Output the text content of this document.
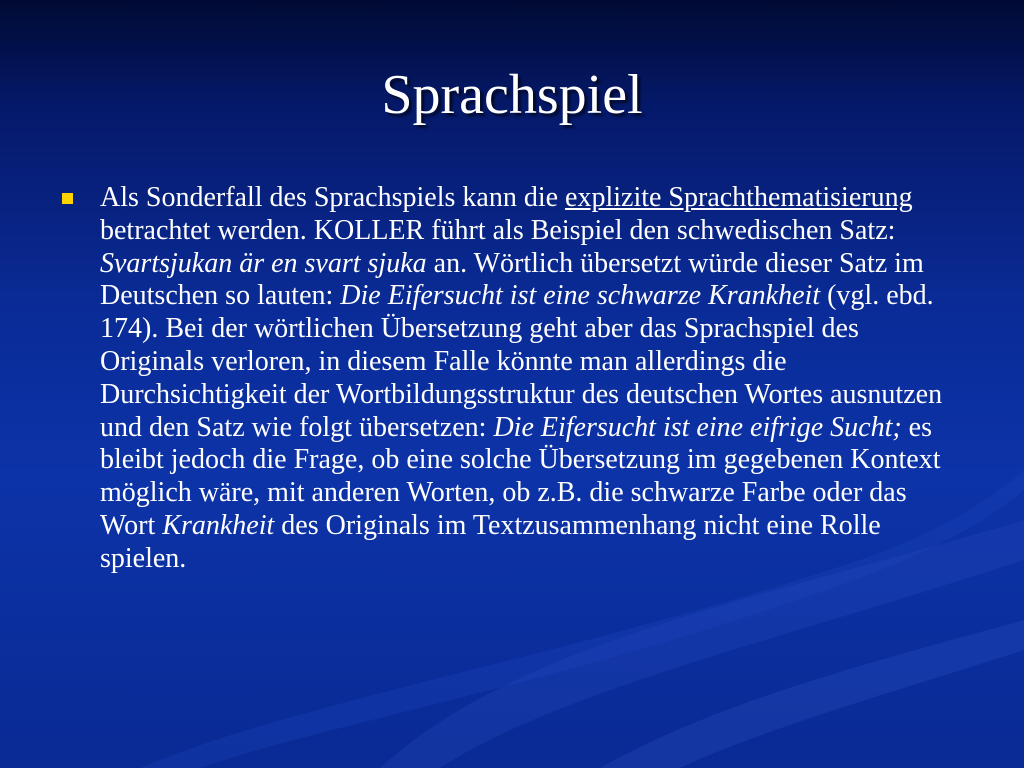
Sprachspiel
Als Sonderfall des Sprachspiels kann die explizite Sprachthematisierung betrachtet werden. KOLLER führt als Beispiel den schwedischen Satz: Svartsjukan är en svart sjuka an. Wörtlich übersetzt würde dieser Satz im Deutschen so lauten: Die Eifersucht ist eine schwarze Krankheit (vgl. ebd. 174). Bei der wörtlichen Übersetzung geht aber das Sprachspiel des Originals verloren, in diesem Falle könnte man allerdings die Durchsichtigkeit der Wortbildungsstruktur des deutschen Wortes ausnutzen und den Satz wie folgt übersetzen: Die Eifersucht ist eine eifrige Sucht; es bleibt jedoch die Frage, ob eine solche Übersetzung im gegebenen Kontext möglich wäre, mit anderen Worten, ob z.B. die schwarze Farbe oder das Wort Krankheit des Originals im Textzusammenhang nicht eine Rolle spielen.
